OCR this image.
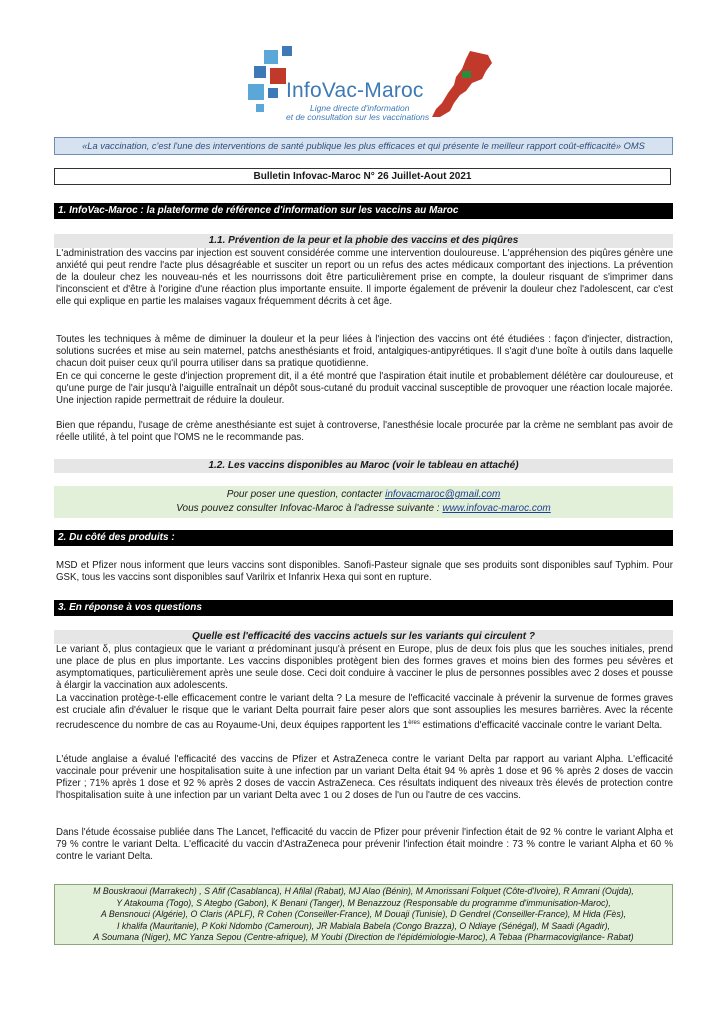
InfoVac-Maroc
Ligne directe d'information
et de consultation sur les vaccinations
«La vaccination, c'est l'une des interventions de santé publique les plus efficaces et qui présente le meilleur rapport coût-efficacité» OMS
Bulletin Infovac-Maroc N° 26 Juillet-Aout 2021
1. InfoVac-Maroc : la plateforme de référence d'information sur les vaccins au Maroc
1.1. Prévention de la peur et la phobie des vaccins et des piqûres

L'administration des vaccins par injection est souvent considérée comme une intervention douloureuse. L'appréhension des piqûres génère une anxiété qui peut rendre l'acte plus désagréable et susciter un report ou un refus des actes médicaux comportant des injections. La prévention de la douleur chez les nouveau-nés et les nourrissons doit être particulièrement prise en compte, la douleur risquant de s'imprimer dans l'inconscient et d'être à l'origine d'une réaction plus importante ensuite. Il importe également de prévenir la douleur chez l'adolescent, car c'est elle qui explique en partie les malaises vagaux fréquemment décrits à cet âge.

Toutes les techniques à même de diminuer la douleur et la peur liées à l'injection des vaccins ont été étudiées : façon d'injecter, distraction, solutions sucrées et mise au sein maternel, patchs anesthésiants et froid, antalgiques-antipyrétiques. Il s'agit d'une boîte à outils dans laquelle chacun doit puiser ceux qu'il pourra utiliser dans sa pratique quotidienne.

En ce qui concerne le geste d'injection proprement dit, il a été montré que l'aspiration était inutile et probablement délétère car douloureuse, et qu'une purge de l'air jusqu'à l'aiguille entraînait un dépôt sous-cutané du produit vaccinal susceptible de provoquer une réaction locale majorée. Une injection rapide permettrait de réduire la douleur.

Bien que répandu, l'usage de crème anesthésiante est sujet à controverse, l'anesthésie locale procurée par la crème ne semblant pas avoir de réelle utilité, à tel point que l'OMS ne le recommande pas.

1.2. Les vaccins disponibles au Maroc (voir le tableau en attaché)
Pour poser une question, contacter infovacmaroc@gmail.com
Vous pouvez consulter Infovac-Maroc à l'adresse suivante : www.infovac-maroc.com
2. Du côté des produits :

MSD et Pfizer nous informent que leurs vaccins sont disponibles. Sanofi-Pasteur signale que ses produits sont disponibles sauf Typhim. Pour GSK, tous les vaccins sont disponibles sauf Varilrix et Infanrix Hexa qui sont en rupture.

3. En réponse à vos questions
Quelle est l'efficacité des vaccins actuels sur les variants qui circulent ?

Le variant δ, plus contagieux que le variant α prédominant jusqu'à présent en Europe, plus de deux fois plus que les souches initiales, prend une place de plus en plus importante. Les vaccins disponibles protègent bien des formes graves et moins bien des formes peu sévères et asymptomatiques, particulièrement après une seule dose. Ceci doit conduire à vacciner le plus de personnes possibles avec 2 doses et pousse à élargir la vaccination aux adolescents.

La vaccination protège-t-elle efficacement contre le variant delta ? La mesure de l'efficacité vaccinale à prévenir la survenue de formes graves est cruciale afin d'évaluer le risque que le variant Delta pourrait faire peser alors que sont assouplies les mesures barrières. Avec la récente recrudescence du nombre de cas au Royaume-Uni, deux équipes rapportent les 1ères estimations d'efficacité vaccinale contre le variant Delta.

L'étude anglaise a évalué l'efficacité des vaccins de Pfizer et AstraZeneca contre le variant Delta par rapport au variant Alpha. L'efficacité vaccinale pour prévenir une hospitalisation suite à une infection par un variant Delta était 94 % après 1 dose et 96 % après 2 doses de vaccin Pfizer ; 71% après 1 dose et 92 % après 2 doses de vaccin AstraZeneca. Ces résultats indiquent des niveaux très élevés de protection contre l'hospitalisation suite à une infection par un variant Delta avec 1 ou 2 doses de l'un ou l'autre de ces vaccins.

Dans l'étude écossaise publiée dans The Lancet, l'efficacité du vaccin de Pfizer pour prévenir l'infection était de 92 % contre le variant Alpha et 79 % contre le variant Delta. L'efficacité du vaccin d'AstraZeneca pour prévenir l'infection était moindre : 73 % contre le variant Alpha et 60 % contre le variant Delta.

M Bouskraoui (Marrakech) , S Afif (Casablanca), H Afilal (Rabat), MJ Alao (Bénin), M Amorissani Folquet (Côte-d'Ivoire), R Amrani (Oujda),
Y Atakouma (Togo), S Ategbo (Gabon), K Benani (Tanger), M Benazzouz (Responsable du programme d'immunisation-Maroc),
A Bensnouci (Algérie), O Claris (APLF), R Cohen (Conseiller-France), M Douaji (Tunisie), D Gendrel (Conseiller-France), M Hida (Fès),
I khalifa (Mauritanie), P Koki Ndombo (Cameroun), JR Mabiala Babela (Congo Brazza), O Ndiaye (Sénégal), M Saadi (Agadir),
A Soumana (Niger), MC Yanza Sepou (Centre-afrique), M Youbi (Direction de l'épidémiologie-Maroc), A Tebaa (Pharmacovigilance- Rabat)
